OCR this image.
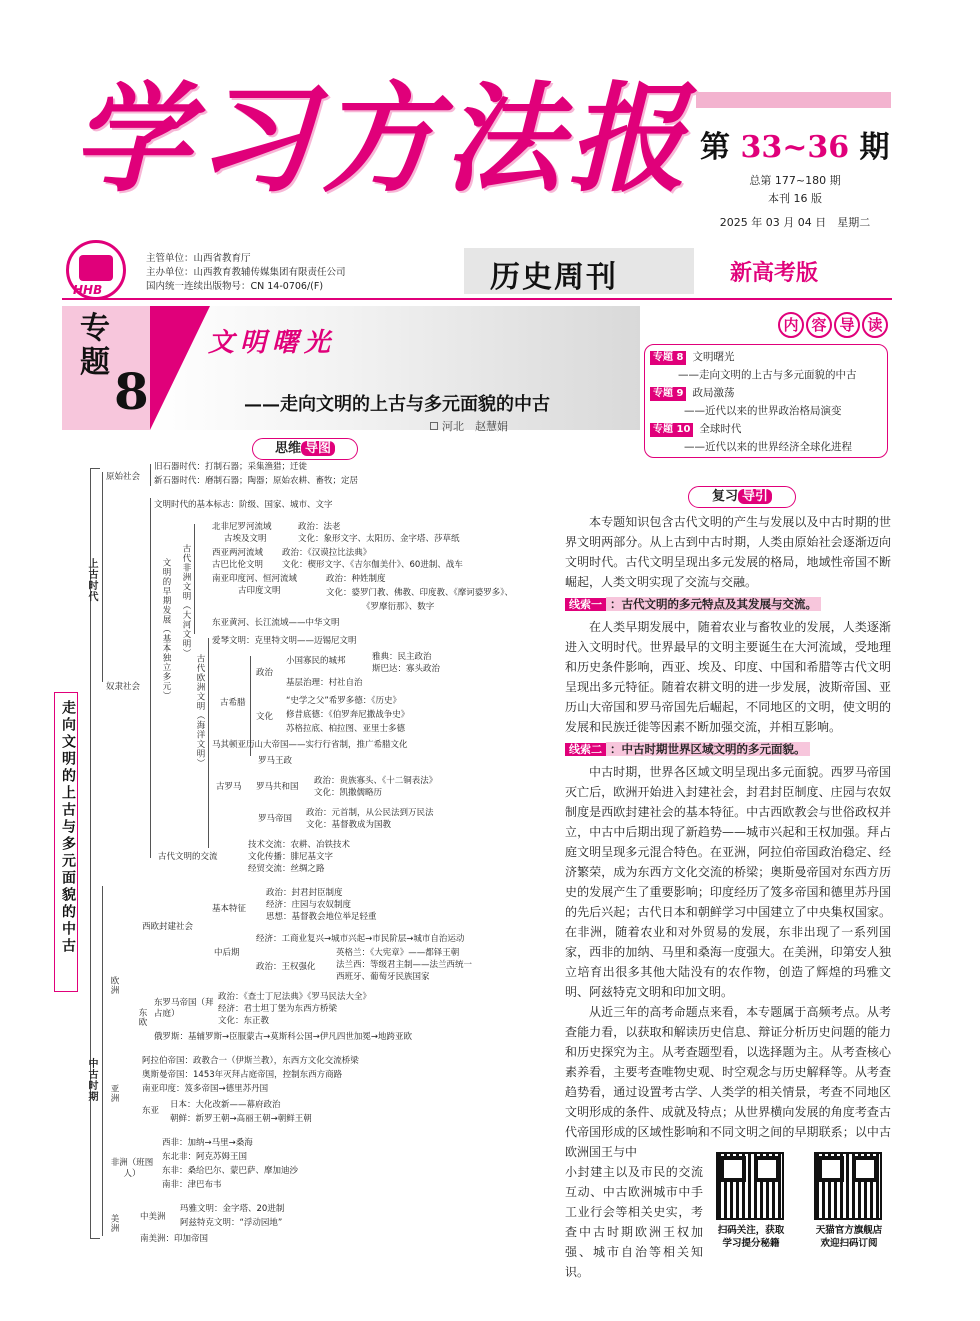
学习方法报 第 33~36 期
总第 177~180 期
本刊 16 版
2025 年 03 月 04 日　星期二
新高考版
HHB
主管单位：山西省教育厅
主办单位：山西教育教辅传媒集团有限责任公司
国内统一连续出版物号：CN 14-0706/(F)	历史周刊
专题 8
文明曙光
——走向文明的上古与多元面貌的中古
河北　赵慧娟
内 容 导 读
专题 8 文明曙光
——走向文明的上古与多元面貌的中古
专题 9 政局激荡
——近代以来的世界政治格局演变
专题 10 全球时代
——近代以来的世界经济全球化进程
思维 导图
走向文明的上古与多元面貌的中古
上古时代
原始社会
旧石器时代：打制石器；采集渔猎；迁徙
新石器时代：磨制石器；陶器；原始农耕、畜牧；定居
奴隶社会
文明时代的基本标志：阶级、国家、城市、文字
文明的早期发展（基本独立多元） 古代非洲文明（大河文明）
北非尼罗河流域
古埃及文明
政治：法老
文化：象形文字、太阳历、金字塔、莎草纸
西亚两河流域
古巴比伦文明
政治：《汉谟拉比法典》
文化：楔形文字、《吉尔伽美什》、60进制、战车
南亚印度河、恒河流域
古印度文明
政治：种姓制度
文化：婆罗门教、佛教、印度教、《摩诃婆罗多》、
《罗摩衍那》、数字
东亚黄河、长江流域——中华文明
古代欧洲文明（海洋文明）
爱琴文明：克里特文明——迈锡尼文明
古希腊
政治
小国寡民的城邦	雅典：民主政治
斯巴达：寡头政治
基层治理：村社自治
文化
“史学之父”希罗多德：《历史》
修昔底德：《伯罗奔尼撒战争史》
苏格拉底、柏拉图、亚里士多德
马其顿亚历山大帝国——实行行省制，推广希腊文化
古罗马
罗马王政
罗马共和国
政治：贵族寡头、《十二铜表法》
文化：凯撒儒略历
罗马帝国
政治：元首制，从公民法到万民法
文化：基督教成为国教
古代文明的交流
技术交流：农耕、冶铁技术
文化传播：腓尼基文字
经贸交流：丝绸之路
中古时期
欧洲
西欧封建社会
基本特征
政治：封君封臣制度
经济：庄园与农奴制度
思想：基督教会地位举足轻重
中后期
经济：工商业复兴→城市兴起→市民阶层→城市自治运动
政治：王权强化
英格兰：《大宪章》——都铎王朝
法兰西：等级君主制——法兰西统一
西班牙、葡萄牙民族国家
东欧
东罗马帝国（拜占庭）
政治：《查士丁尼法典》《罗马民法大全》
经济：君士坦丁堡为东西方桥梁
文化：东正教
俄罗斯：基辅罗斯→臣服蒙古→莫斯科公国→伊凡四世加冕→地跨亚欧
亚洲
阿拉伯帝国：政教合一（伊斯兰教），东西方文化交流桥梁
奥斯曼帝国：1453年灭拜占庭帝国，控制东西方商路
南亚印度：笈多帝国→德里苏丹国
东亚
日本：大化改新——幕府政治
朝鲜：新罗王朝→高丽王朝→朝鲜王朝
非洲（班图人）
西非：加纳→马里→桑海
东北非：阿克苏姆王国
东非：桑给巴尔、蒙巴萨、摩加迪沙
南非：津巴布韦
美洲 中美洲
玛雅文明：金字塔、20进制
阿兹特克文明：“浮动园地”
南美洲：印加帝国
复习 导引

本专题知识包含古代文明的产生与发展以及中古时期的世界文明两部分。从上古到中古时期，人类由原始社会逐渐迈向文明时代。古代文明呈现出多元发展的格局，地域性帝国不断崛起，人类文明实现了交流与交融。

线索一 ：古代文明的多元特点及其发展与交流。

在人类早期发展中，随着农业与畜牧业的发展，人类逐渐进入文明时代。世界最早的文明主要诞生在大河流域，受地理和历史条件影响，西亚、埃及、印度、中国和希腊等古代文明呈现出多元特征。随着农耕文明的进一步发展，波斯帝国、亚历山大帝国和罗马帝国先后崛起，不同地区的文明，使文明的发展和民族迁徙等因素不断加强交流，并相互影响。

线索二 ：中古时期世界区域文明的多元面貌。

中古时期，世界各区域文明呈现出多元面貌。西罗马帝国灭亡后，欧洲开始进入封建社会，封君封臣制度、庄园与农奴制度是西欧封建社会的基本特征。中古西欧教会与世俗政权并立，中古中后期出现了新趋势——城市兴起和王权加强。拜占庭文明呈现多元混合特色。在亚洲，阿拉伯帝国政治稳定、经济繁荣，成为东西方文化交流的桥梁；奥斯曼帝国对东西方历史的发展产生了重要影响；印度经历了笈多帝国和德里苏丹国的先后兴起；古代日本和朝鲜学习中国建立了中央集权国家。在非洲，随着农业和对外贸易的发展，东非出现了一系列国家，西非的加纳、马里和桑海一度强大。在美洲，印第安人独立培育出很多其他大陆没有的农作物，创造了辉煌的玛雅文明、阿兹特克文明和印加文明。

从近三年的高考命题点来看，本专题属于高频考点。从考查能力看，以获取和解读历史信息、辩证分析历史问题的能力和历史探究为主。从考查题型看，以选择题为主。从考查核心素养看，主要考查唯物史观、时空观念与历史解释等。从考查趋势看，通过设置考古学、人类学的相关情景，考查不同地区文明形成的条件、成就及特点；从世界横向发展的角度考查古代帝国形成的区域性影响和不同文明之间的早期联系；以中古欧洲国王与中

小封建主以及市民的交流互动、中古欧洲城市中手工业行会等相关史实，考查中古时期欧洲王权加强、城市自治等相关知识。
扫码关注，获取
学习提分秘籍
天猫官方旗舰店
欢迎扫码订阅
